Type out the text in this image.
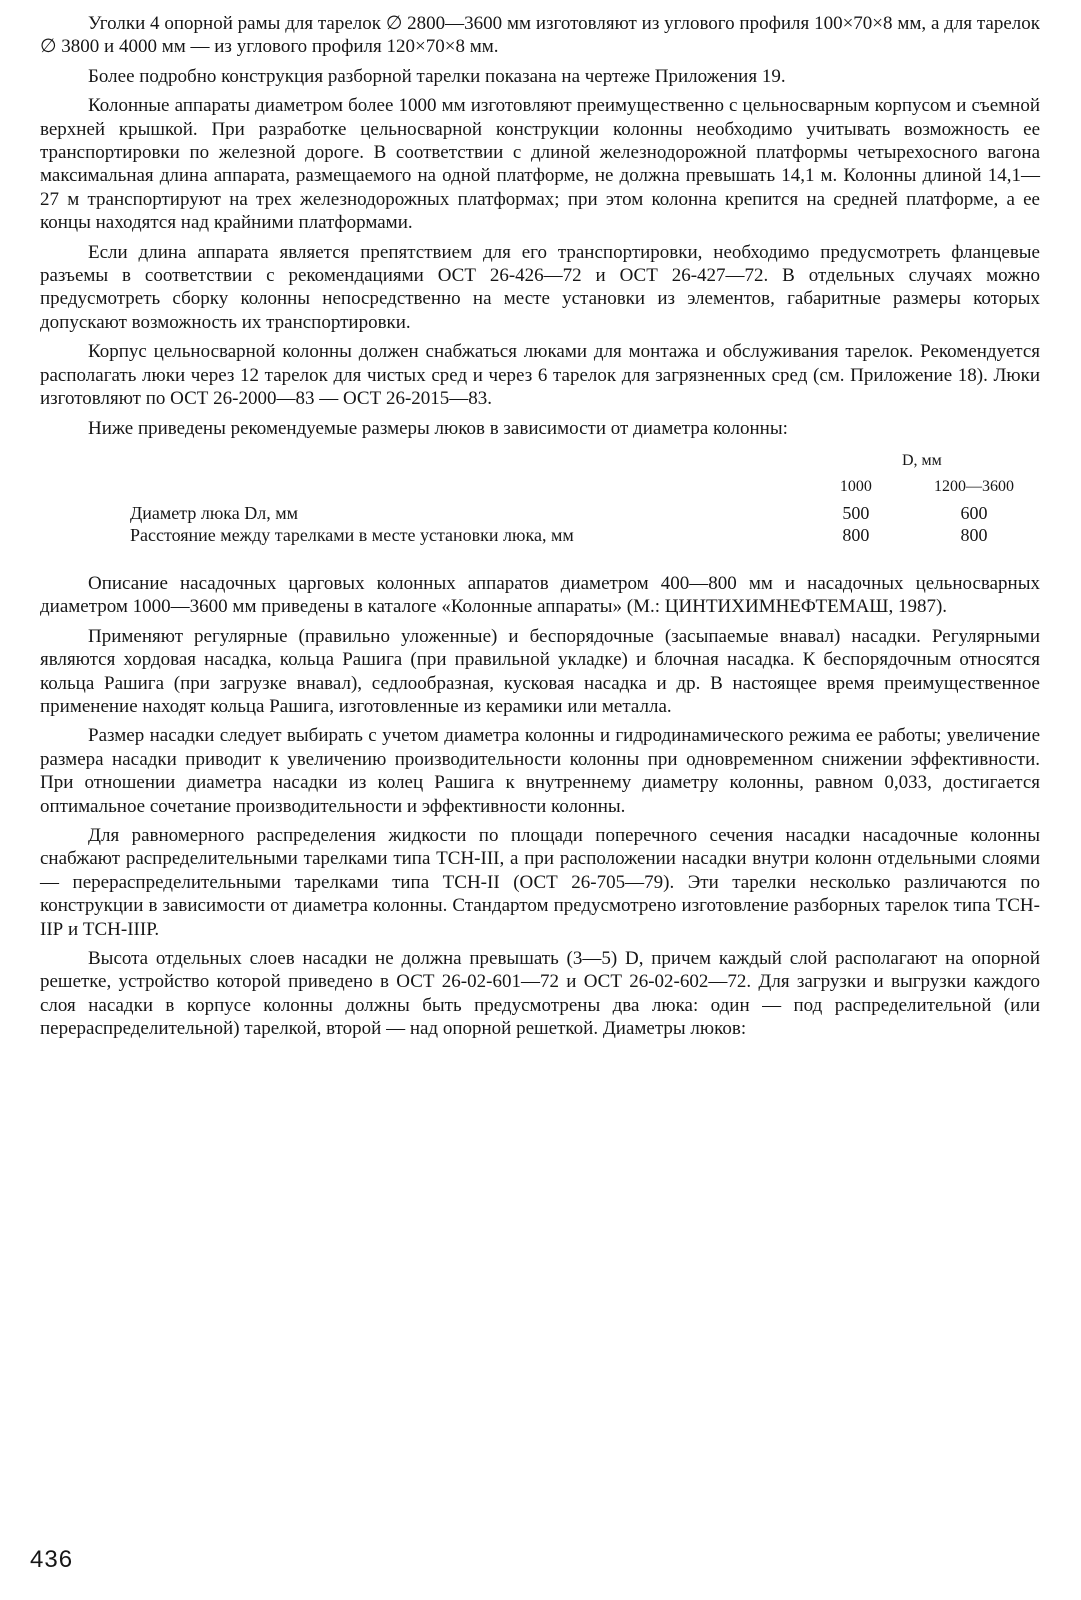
Уголки 4 опорной рамы для тарелок ∅ 2800—3600 мм изготовляют из углового профиля 100×70×8 мм, а для тарелок ∅ 3800 и 4000 мм — из углового профиля 120×70×8 мм.

Более подробно конструкция разборной тарелки показана на чертеже Приложения 19.

Колонные аппараты диаметром более 1000 мм изготовляют преимущественно с цельносварным корпусом и съемной верхней крышкой. При разработке цельносварной конструкции колонны необходимо учитывать возможность ее транспортировки по железной дороге. В соответствии с длиной железнодорожной платформы четырехосного вагона максимальная длина аппарата, размещаемого на одной платформе, не должна превышать 14,1 м. Колонны длиной 14,1—27 м транспортируют на трех железнодорожных платформах; при этом колонна крепится на средней платформе, а ее концы находятся над крайними платформами.

Если длина аппарата является препятствием для его транспортировки, необходимо предусмотреть фланцевые разъемы в соответствии с рекомендациями ОСТ 26-426—72 и ОСТ 26-427—72. В отдельных случаях можно предусмотреть сборку колонны непосредственно на месте установки из элементов, габаритные размеры которых допускают возможность их транспортировки.

Корпус цельносварной колонны должен снабжаться люками для монтажа и обслуживания тарелок. Рекомендуется располагать люки через 12 тарелок для чистых сред и через 6 тарелок для загрязненных сред (см. Приложение 18). Люки изготовляют по ОСТ 26-2000—83 — ОСТ 26-2015—83.

Ниже приведены рекомендуемые размеры люков в зависимости от диаметра колонны:

	D, мм	
	1000	1200—3600
Диаметр люка Dл, мм	500	600
Расстояние между тарелками в месте установки люка, мм	800	800

Описание насадочных царговых колонных аппаратов диаметром 400—800 мм и насадочных цельносварных диаметром 1000—3600 мм приведены в каталоге «Колонные аппараты» (М.: ЦИНТИХИМНЕФТЕМАШ, 1987).

Применяют регулярные (правильно уложенные) и беспорядочные (засыпаемые внавал) насадки. Регулярными являются хордовая насадка, кольца Рашига (при правильной укладке) и блочная насадка. К беспорядочным относятся кольца Рашига (при загрузке внавал), седлообразная, кусковая насадка и др. В настоящее время преимущественное применение находят кольца Рашига, изготовленные из керамики или металла.

Размер насадки следует выбирать с учетом диаметра колонны и гидродинамического режима ее работы; увеличение размера насадки приводит к увеличению производительности колонны при одновременном снижении эффективности. При отношении диаметра насадки из колец Рашига к внутреннему диаметру колонны, равном 0,033, достигается оптимальное сочетание производительности и эффективности колонны.

Для равномерного распределения жидкости по площади поперечного сечения насадки насадочные колонны снабжают распределительными тарелками типа ТСН-III, а при расположении насадки внутри колонн отдельными слоями — перераспределительными тарелками типа ТСН-II (ОСТ 26-705—79). Эти тарелки несколько различаются по конструкции в зависимости от диаметра колонны. Стандартом предусмотрено изготовление разборных тарелок типа ТСН-IIР и ТСН-IIIР.

Высота отдельных слоев насадки не должна превышать (3—5) D, причем каждый слой располагают на опорной решетке, устройство которой приведено в ОСТ 26-02-601—72 и ОСТ 26-02-602—72. Для загрузки и выгрузки каждого слоя насадки в корпусе колонны должны быть предусмотрены два люка: один — под распределительной (или перераспределительной) тарелкой, второй — над опорной решеткой. Диаметры люков:

436
